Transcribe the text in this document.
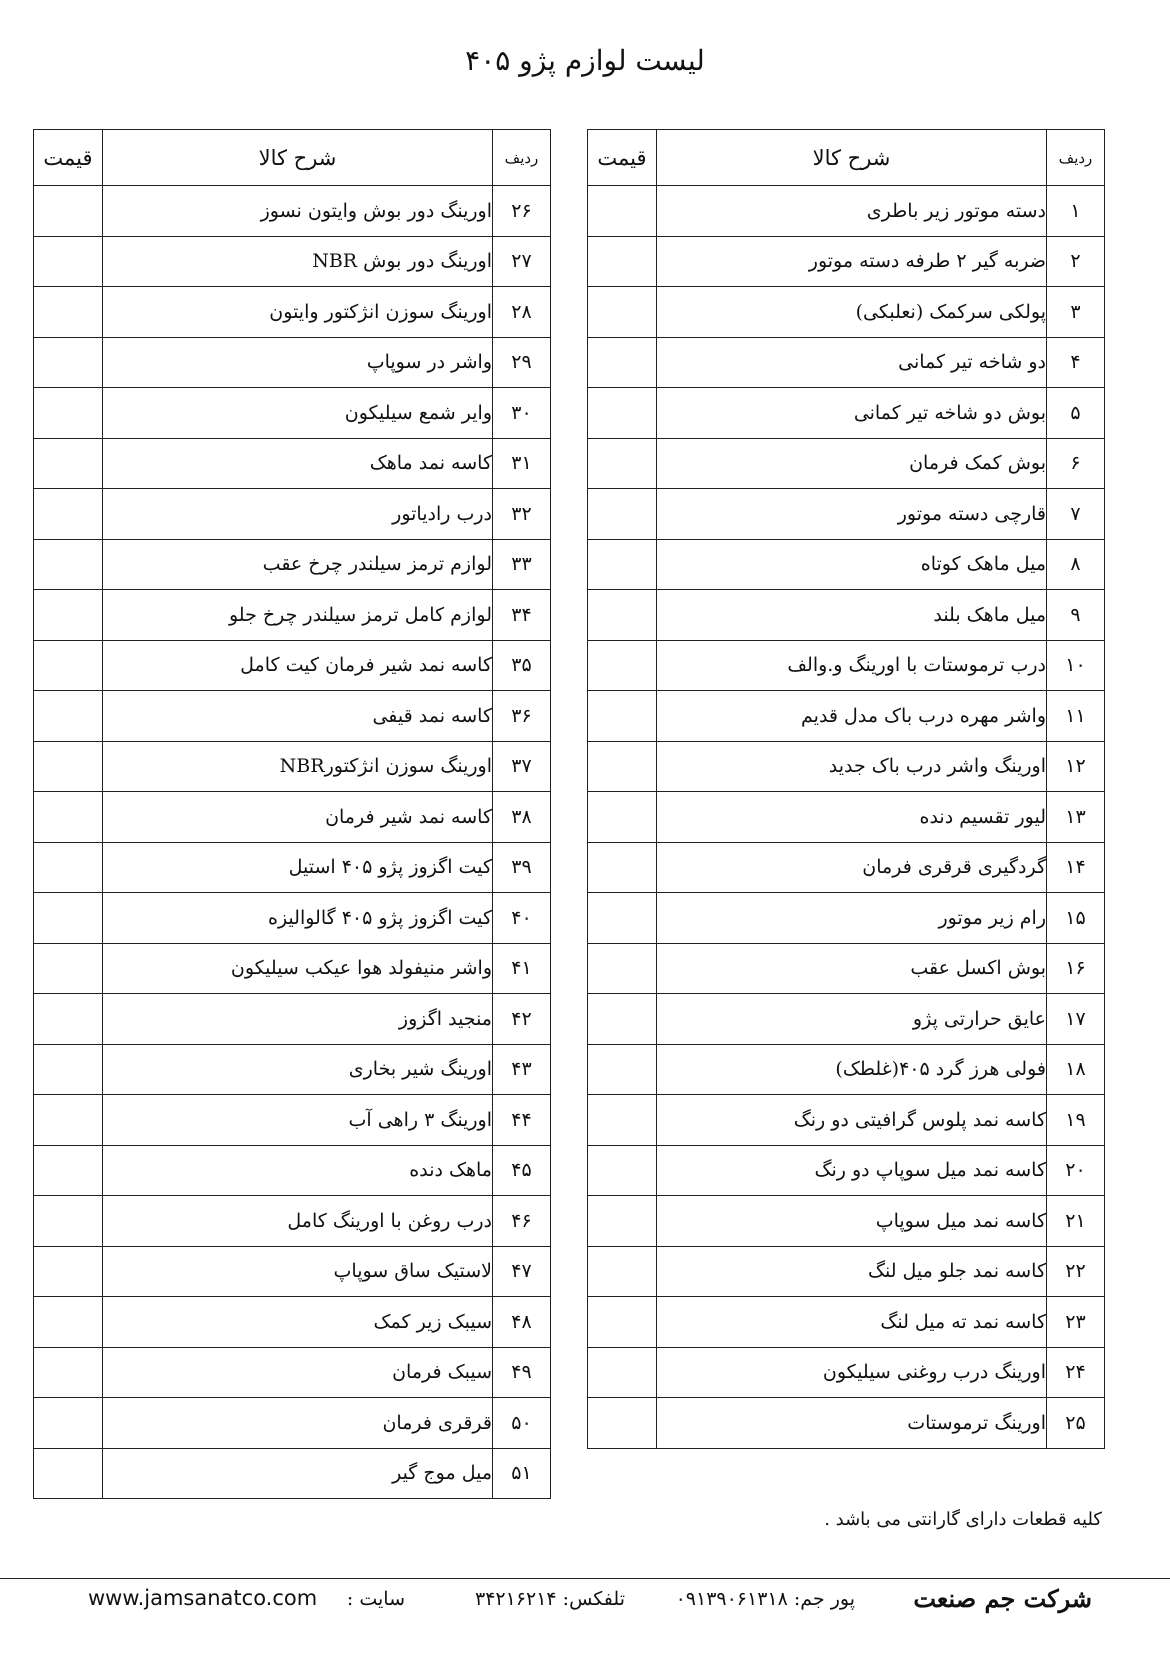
لیست لوازم پژو ۴۰۵
ردیف	شرح کالا	قیمت
۱	دسته موتور زیر باطری	
۲	ضربه گیر ۲ طرفه دسته موتور	
۳	پولکی سرکمک (نعلبکی)	
۴	دو شاخه تیر کمانی	
۵	بوش دو شاخه تیر کمانی	
۶	بوش کمک فرمان	
۷	قارچی دسته موتور	
۸	میل ماهک کوتاه	
۹	میل ماهک بلند	
۱۰	درب ترموستات با اورینگ و.والف	
۱۱	واشر مهره درب باک مدل قدیم	
۱۲	اورینگ واشر درب باک جدید	
۱۳	لیور تقسیم دنده	
۱۴	گردگیری قرقری فرمان	
۱۵	رام زیر موتور	
۱۶	بوش اکسل عقب	
۱۷	عایق حرارتی پژو	
۱۸	فولی هرز گرد ۴۰۵(غلطک)	
۱۹	کاسه نمد پلوس گرافیتی دو رنگ	
۲۰	کاسه نمد میل سوپاپ دو رنگ	
۲۱	کاسه نمد میل سوپاپ	
۲۲	کاسه نمد جلو میل لنگ	
۲۳	کاسه نمد ته میل لنگ	
۲۴	اورینگ درب روغنی سیلیکون	
۲۵	اورینگ ترموستات	
ردیف	شرح کالا	قیمت
۲۶	اورینگ دور بوش وایتون نسوز	
۲۷	اورینگ دور بوش NBR	
۲۸	اورینگ سوزن انژکتور وایتون	
۲۹	واشر در سوپاپ	
۳۰	وایر شمع سیلیکون	
۳۱	کاسه نمد ماهک	
۳۲	درب رادیاتور	
۳۳	لوازم ترمز سیلندر چرخ عقب	
۳۴	لوازم کامل ترمز سیلندر چرخ جلو	
۳۵	کاسه نمد شیر فرمان کیت کامل	
۳۶	کاسه نمد قیفی	
۳۷	اورینگ سوزن انژکتورNBR	
۳۸	کاسه نمد شیر فرمان	
۳۹	کیت اگزوز پژو ۴۰۵ استیل	
۴۰	کیت اگزوز پژو ۴۰۵ گالوالیزه	
۴۱	واشر منیفولد هوا عیکب سیلیکون	
۴۲	منجید اگزوز	
۴۳	اورینگ شیر بخاری	
۴۴	اورینگ ۳ راهی آب	
۴۵	ماهک دنده	
۴۶	درب روغن با اورینگ کامل	
۴۷	لاستیک ساق سوپاپ	
۴۸	سیبک زیر کمک	
۴۹	سیبک فرمان	
۵۰	قرقری فرمان	
۵۱	میل موج گیر	
کلیه قطعات دارای گارانتی می باشد .
شرکت جم صنعت
پور جم: ۰۹۱۳۹۰۶۱۳۱۸
تلفکس: ۳۴۲۱۶۲۱۴
سایت :
www.jamsanatco.com
